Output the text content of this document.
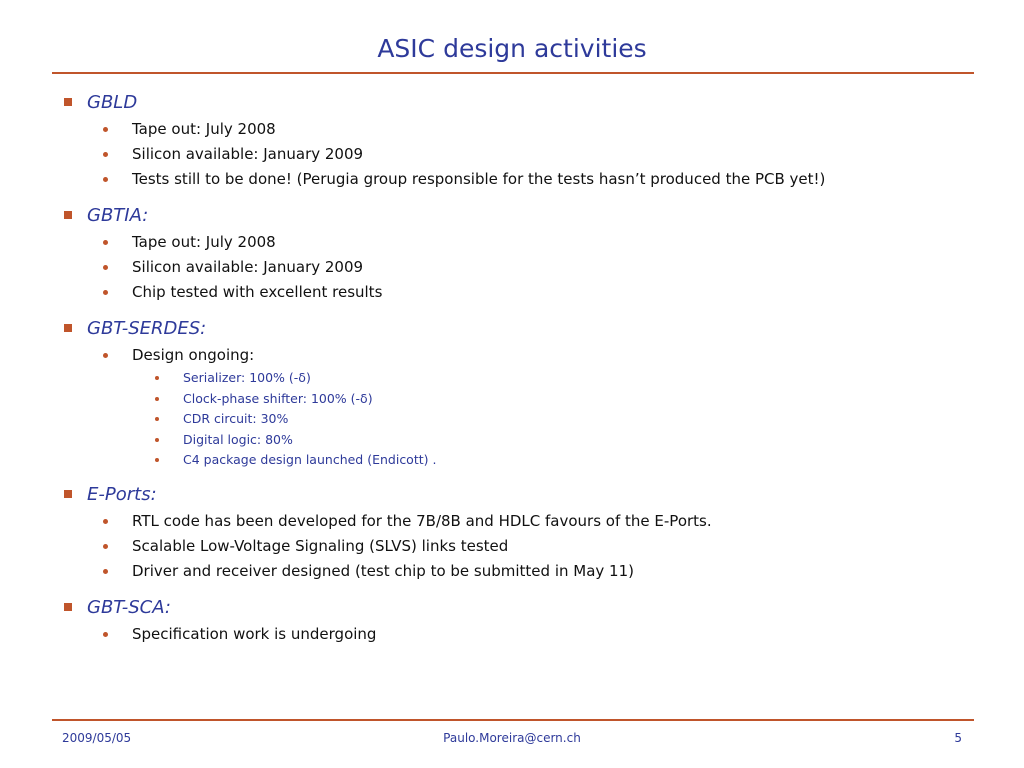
ASIC design activities
GBLD
Tape out: July 2008
Silicon available: January 2009
Tests still to be done! (Perugia group responsible for the tests hasn’t produced the PCB yet!)
GBTIA:
Tape out: July 2008
Silicon available: January 2009
Chip tested with excellent results
GBT-SERDES:
Design ongoing:
Serializer: 100% (-δ)
Clock-phase shifter: 100% (-δ)
CDR circuit: 30%
Digital logic: 80%
C4 package design launched (Endicott) .
E-Ports:
RTL code has been developed for the 7B/8B and HDLC favours of the E-Ports.
Scalable Low-Voltage Signaling (SLVS) links tested
Driver and receiver designed (test chip to be submitted in May 11)
GBT-SCA:
Specification work is undergoing
2009/05/05	Paulo.Moreira@cern.ch	5
